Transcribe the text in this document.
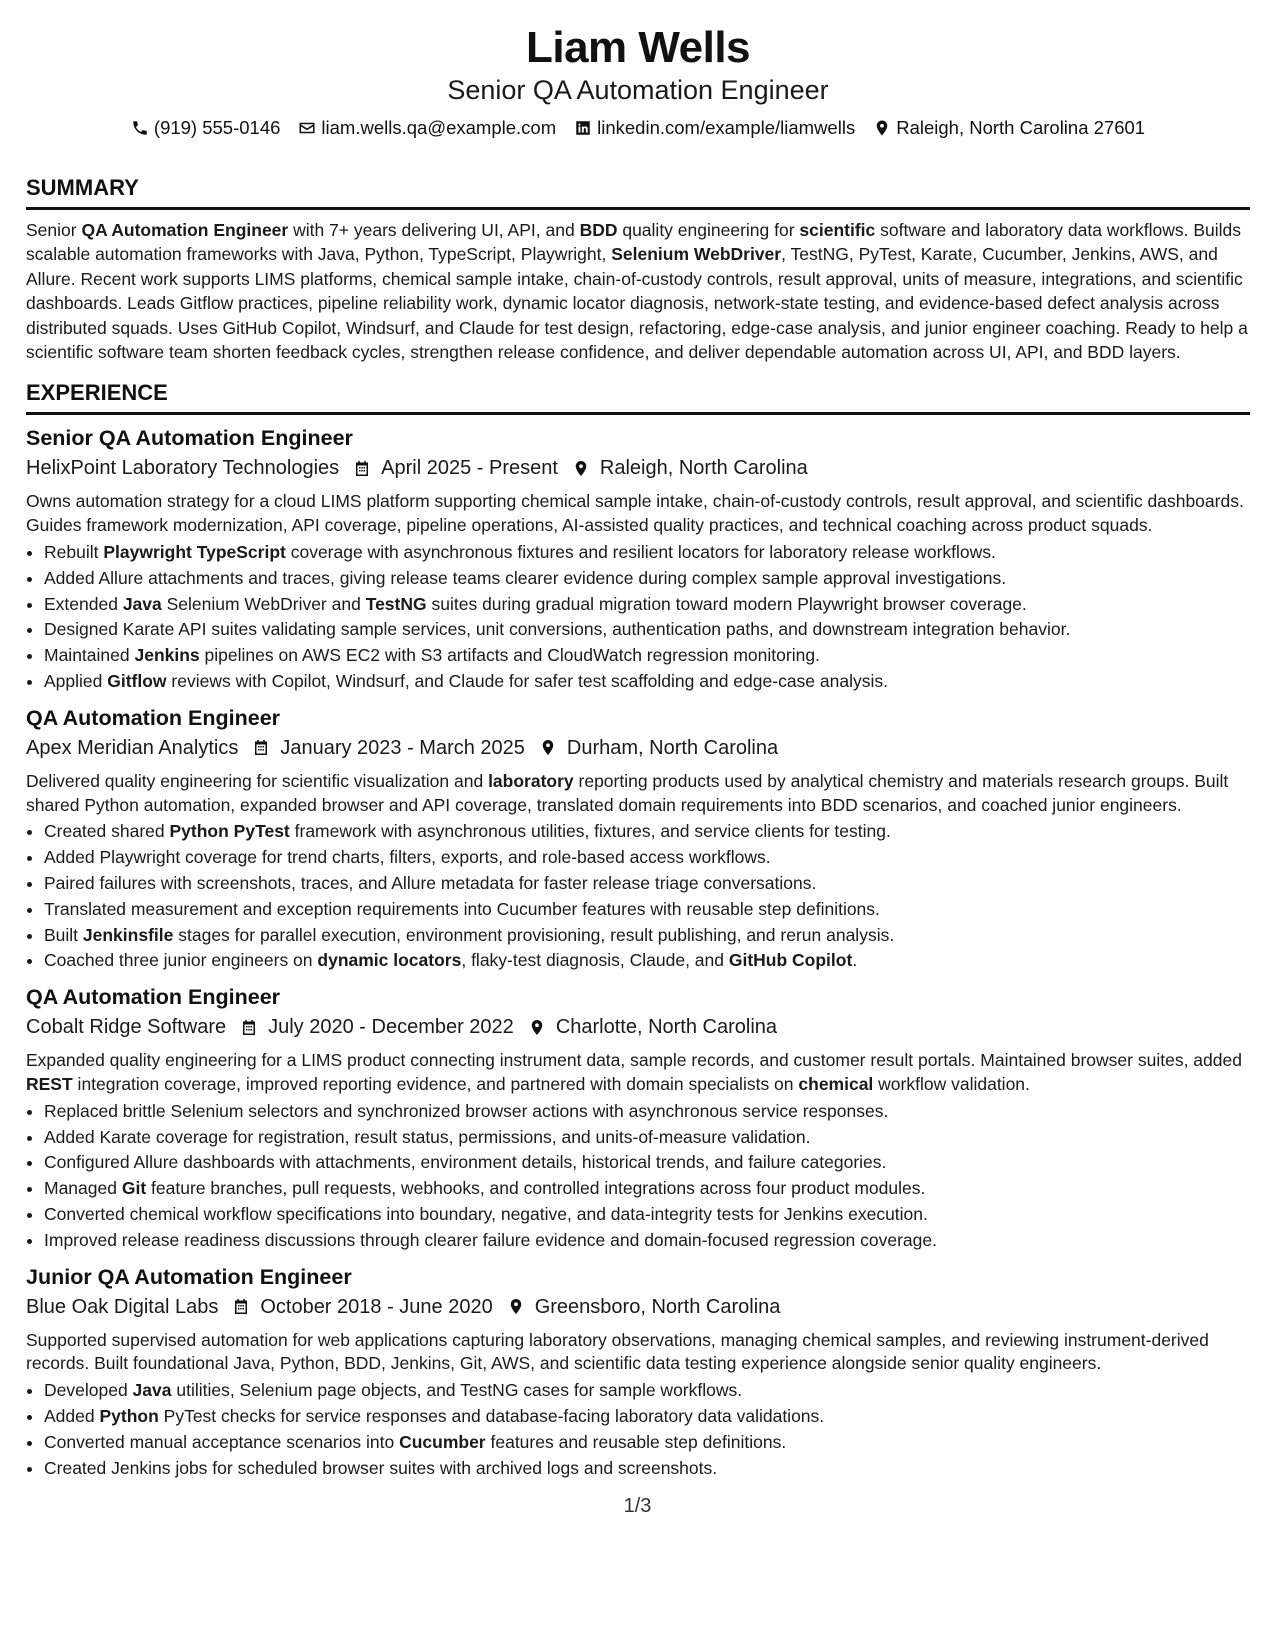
Liam Wells
Senior QA Automation Engineer
(919) 555-0146 liam.wells.qa@example.com linkedin.com/example/liamwells Raleigh, North Carolina 27601
SUMMARY

Senior QA Automation Engineer with 7+ years delivering UI, API, and BDD quality engineering for scientific software and laboratory data workflows. Builds scalable automation frameworks with Java, Python, TypeScript, Playwright, Selenium WebDriver, TestNG, PyTest, Karate, Cucumber, Jenkins, AWS, and Allure. Recent work supports LIMS platforms, chemical sample intake, chain-of-custody controls, result approval, units of measure, integrations, and scientific dashboards. Leads Gitflow practices, pipeline reliability work, dynamic locator diagnosis, network-state testing, and evidence-based defect analysis across distributed squads. Uses GitHub Copilot, Windsurf, and Claude for test design, refactoring, edge-case analysis, and junior engineer coaching. Ready to help a scientific software team shorten feedback cycles, strengthen release confidence, and deliver dependable automation across UI, API, and BDD layers.

EXPERIENCE
Senior QA Automation Engineer
HelixPoint Laboratory Technologies April 2025 - Present Raleigh, North Carolina

Owns automation strategy for a cloud LIMS platform supporting chemical sample intake, chain-of-custody controls, result approval, and scientific dashboards. Guides framework modernization, API coverage, pipeline operations, AI-assisted quality practices, and technical coaching across product squads.

• Rebuilt Playwright TypeScript coverage with asynchronous fixtures and resilient locators for laboratory release workflows.
• Added Allure attachments and traces, giving release teams clearer evidence during complex sample approval investigations.
• Extended Java Selenium WebDriver and TestNG suites during gradual migration toward modern Playwright browser coverage.
• Designed Karate API suites validating sample services, unit conversions, authentication paths, and downstream integration behavior.
• Maintained Jenkins pipelines on AWS EC2 with S3 artifacts and CloudWatch regression monitoring.
• Applied Gitflow reviews with Copilot, Windsurf, and Claude for safer test scaffolding and edge-case analysis.
QA Automation Engineer
Apex Meridian Analytics January 2023 - March 2025 Durham, North Carolina

Delivered quality engineering for scientific visualization and laboratory reporting products used by analytical chemistry and materials research groups. Built shared Python automation, expanded browser and API coverage, translated domain requirements into BDD scenarios, and coached junior engineers.

• Created shared Python PyTest framework with asynchronous utilities, fixtures, and service clients for testing.
• Added Playwright coverage for trend charts, filters, exports, and role-based access workflows.
• Paired failures with screenshots, traces, and Allure metadata for faster release triage conversations.
• Translated measurement and exception requirements into Cucumber features with reusable step definitions.
• Built Jenkinsfile stages for parallel execution, environment provisioning, result publishing, and rerun analysis.
• Coached three junior engineers on dynamic locators, flaky-test diagnosis, Claude, and GitHub Copilot.
QA Automation Engineer
Cobalt Ridge Software July 2020 - December 2022 Charlotte, North Carolina

Expanded quality engineering for a LIMS product connecting instrument data, sample records, and customer result portals. Maintained browser suites, added REST integration coverage, improved reporting evidence, and partnered with domain specialists on chemical workflow validation.

• Replaced brittle Selenium selectors and synchronized browser actions with asynchronous service responses.
• Added Karate coverage for registration, result status, permissions, and units-of-measure validation.
• Configured Allure dashboards with attachments, environment details, historical trends, and failure categories.
• Managed Git feature branches, pull requests, webhooks, and controlled integrations across four product modules.
• Converted chemical workflow specifications into boundary, negative, and data-integrity tests for Jenkins execution.
• Improved release readiness discussions through clearer failure evidence and domain-focused regression coverage.
Junior QA Automation Engineer
Blue Oak Digital Labs October 2018 - June 2020 Greensboro, North Carolina

Supported supervised automation for web applications capturing laboratory observations, managing chemical samples, and reviewing instrument-derived records. Built foundational Java, Python, BDD, Jenkins, Git, AWS, and scientific data testing experience alongside senior quality engineers.

• Developed Java utilities, Selenium page objects, and TestNG cases for sample workflows.
• Added Python PyTest checks for service responses and database-facing laboratory data validations.
• Converted manual acceptance scenarios into Cucumber features and reusable step definitions.
• Created Jenkins jobs for scheduled browser suites with archived logs and screenshots.
1/3
